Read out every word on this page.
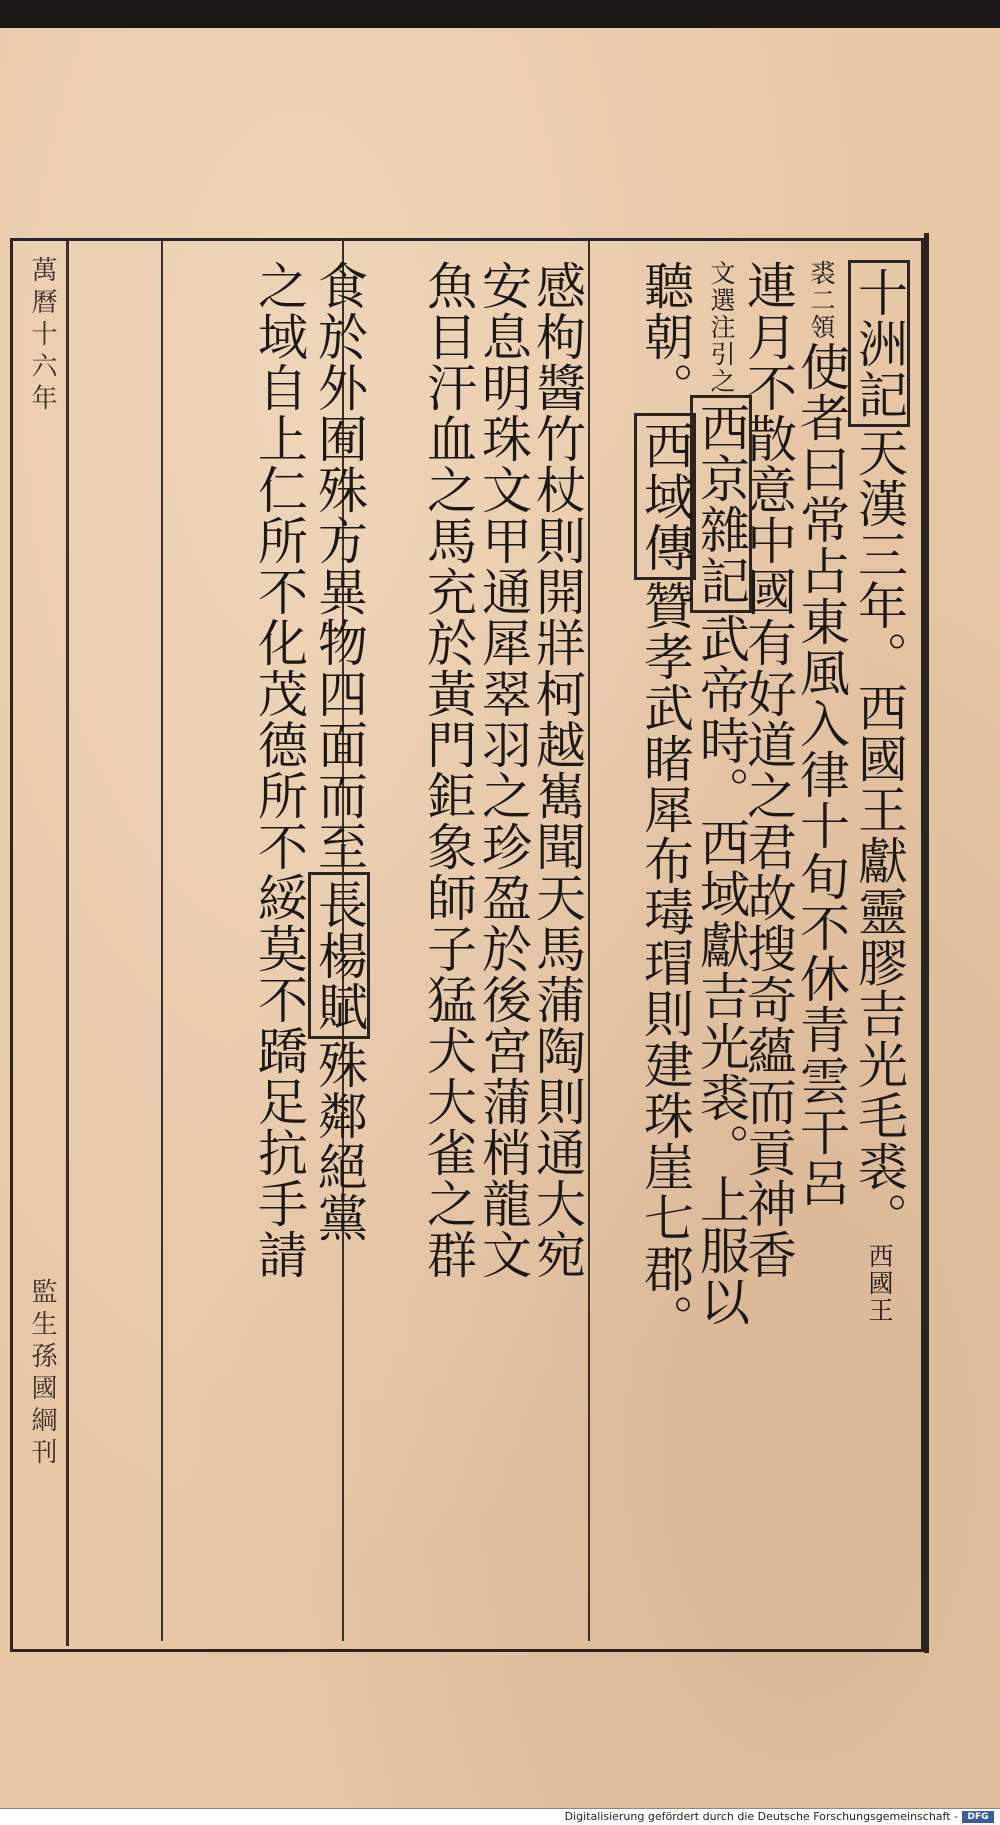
萬曆十六年
監生孫國綱刊
十洲記天漢三年。西國王獻靈膠吉光毛裘。西國王
裘二領使者曰常占東風入律十旬不休青雲干呂
連月不散意中國有好道之君故搜奇蘊而貢神香
文選注引之西京雜記武帝時。西域獻吉光裘。上服以
聽朝。西域傳贊孝武睹犀布瑇瑁則建珠崖七郡。
感枸醬竹杖則開牂柯越嶲聞天馬蒲陶則通大宛
安息明珠文甲通犀翠羽之珍盈於後宮蒲梢龍文
魚目汗血之馬充於黃門鉅象師子猛犬大雀之群
食於外囿殊方異物四面而至長楊賦殊鄰絕黨
之域自上仁所不化茂德所不綏莫不蹻足抗手請
Digitalisierung gefördert durch die Deutsche Forschungsgemeinschaft -	DFG
